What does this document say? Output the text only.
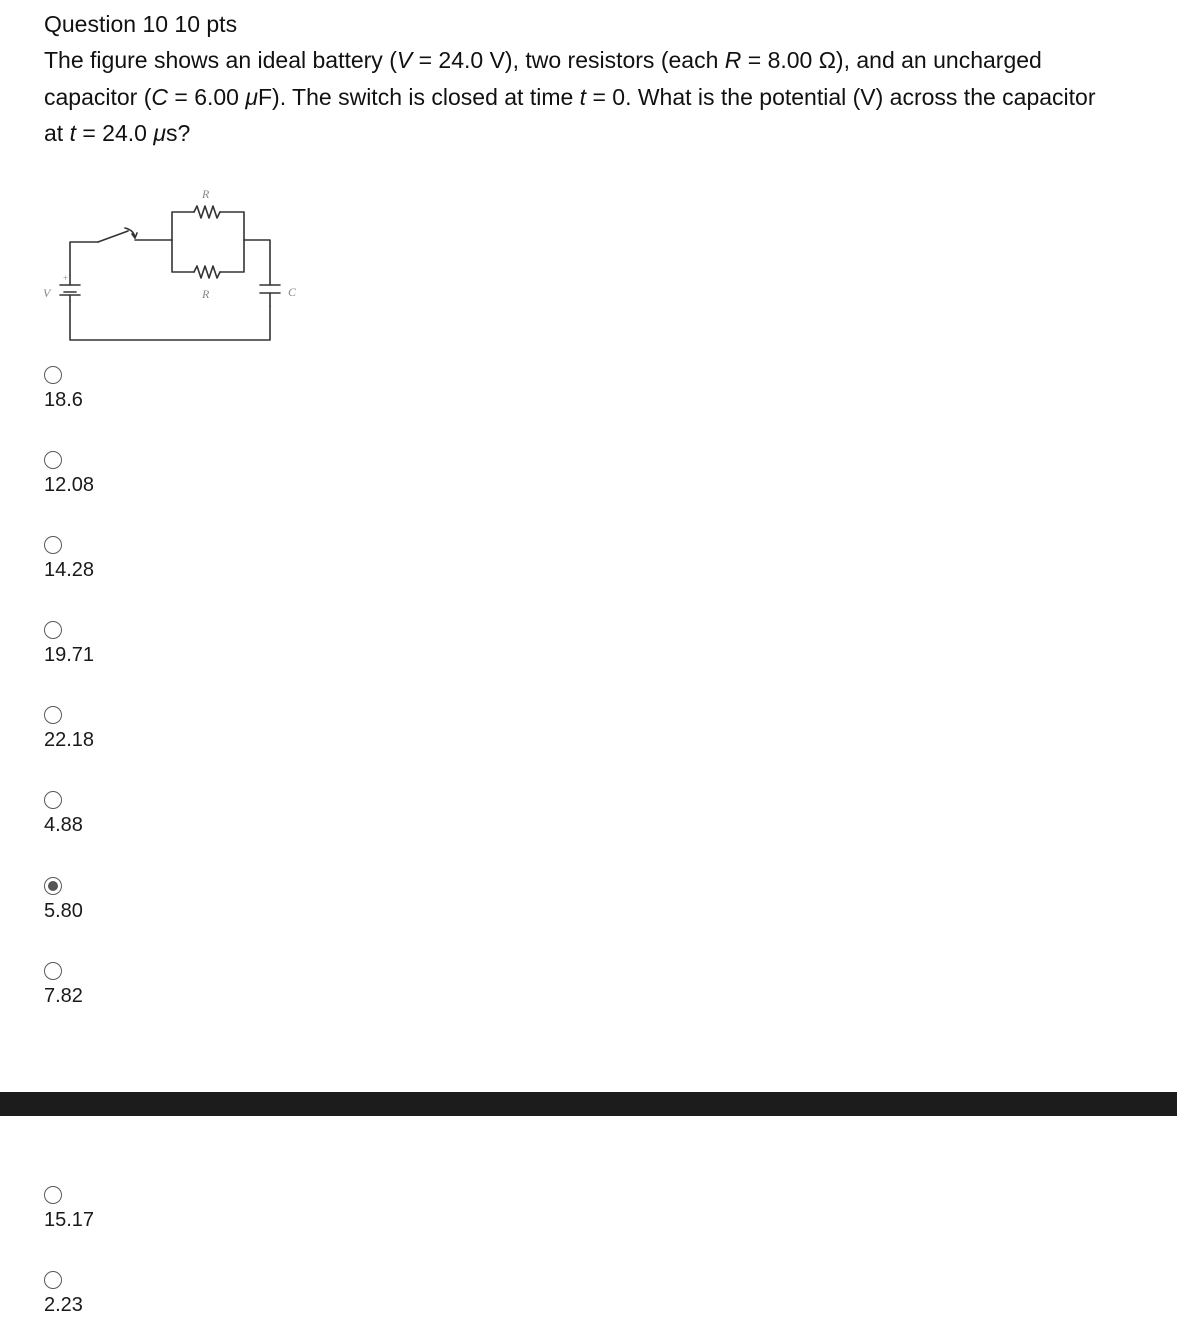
Question 10 10 pts
The figure shows an ideal battery (V = 24.0 V), two resistors (each R = 8.00 Ω), and an uncharged
capacitor (C = 6.00 μF). The switch is closed at time t = 0. What is the potential (V) across the capacitor
at t = 24.0 μs?
V
+
R
R	C
18.6
12.08
14.28
19.71
22.18
4.88
5.80
7.82
15.17
2.23
